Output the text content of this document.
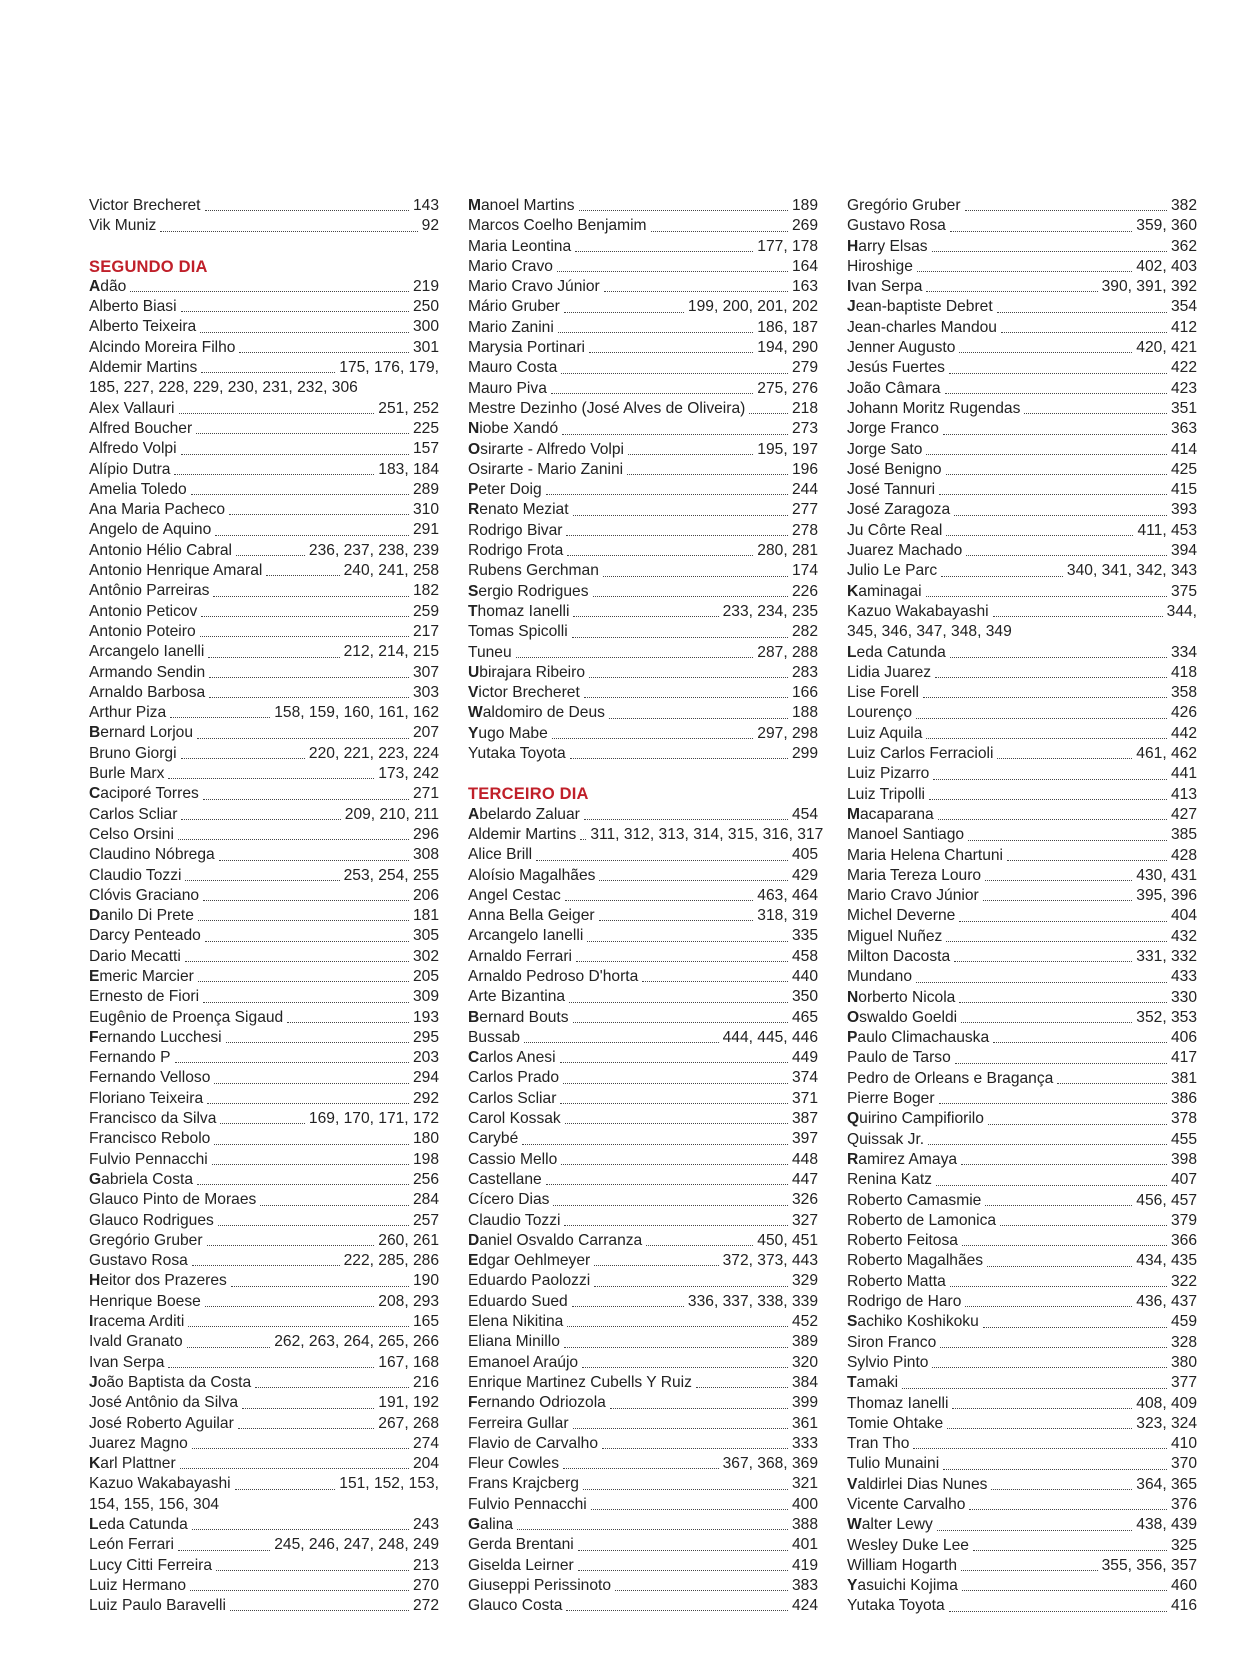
Victor Brecheret	143
Vik Muniz	92
SEGUNDO DIA
Adão	219
Alberto Biasi	250
Alberto Teixeira	300
Alcindo Moreira Filho	301
Aldemir Martins	175, 176, 179,
185, 227, 228, 229, 230, 231, 232, 306
Alex Vallauri	251, 252
Alfred Boucher	225
Alfredo Volpi	157
Alípio Dutra	183, 184
Amelia Toledo	289
Ana Maria Pacheco	310
Angelo de Aquino	291
Antonio Hélio Cabral	236, 237, 238, 239
Antonio Henrique Amaral	240, 241, 258
Antônio Parreiras	182
Antonio Peticov	259
Antonio Poteiro	217
Arcangelo Ianelli	212, 214, 215
Armando Sendin	307
Arnaldo Barbosa	303
Arthur Piza	158, 159, 160, 161, 162
Bernard Lorjou	207
Bruno Giorgi	220, 221, 223, 224
Burle Marx	173, 242
Caciporé Torres	271
Carlos Scliar	209, 210, 211
Celso Orsini	296
Claudino Nóbrega	308
Claudio Tozzi	253, 254, 255
Clóvis Graciano	206
Danilo Di Prete	181
Darcy Penteado	305
Dario Mecatti	302
Emeric Marcier	205
Ernesto de Fiori	309
Eugênio de Proença Sigaud	193
Fernando Lucchesi	295
Fernando P	203
Fernando Velloso	294
Floriano Teixeira	292
Francisco da Silva	169, 170, 171, 172
Francisco Rebolo	180
Fulvio Pennacchi	198
Gabriela Costa	256
Glauco Pinto de Moraes	284
Glauco Rodrigues	257
Gregório Gruber	260, 261
Gustavo Rosa	222, 285, 286
Heitor dos Prazeres	190
Henrique Boese	208, 293
Iracema Arditi	165
Ivald Granato	262, 263, 264, 265, 266
Ivan Serpa	167, 168
João Baptista da Costa	216
José Antônio da Silva	191, 192
José Roberto Aguilar	267, 268
Juarez Magno	274
Karl Plattner	204
Kazuo Wakabayashi	151, 152, 153,
154, 155, 156, 304
Leda Catunda	243
León Ferrari	245, 246, 247, 248, 249
Lucy Citti Ferreira	213
Luiz Hermano	270
Luiz Paulo Baravelli	272
Manoel Martins	189
Marcos Coelho Benjamim	269
Maria Leontina	177, 178
Mario Cravo	164
Mario Cravo Júnior	163
Mário Gruber	199, 200, 201, 202
Mario Zanini	186, 187
Marysia Portinari	194, 290
Mauro Costa	279
Mauro Piva	275, 276
Mestre Dezinho (José Alves de Oliveira)	218
Niobe Xandó	273
Osirarte - Alfredo Volpi	195, 197
Osirarte - Mario Zanini	196
Peter Doig	244
Renato Meziat	277
Rodrigo Bivar	278
Rodrigo Frota	280, 281
Rubens Gerchman	174
Sergio Rodrigues	226
Thomaz Ianelli	233, 234, 235
Tomas Spicolli	282
Tuneu	287, 288
Ubirajara Ribeiro	283
Victor Brecheret	166
Waldomiro de Deus	188
Yugo Mabe	297, 298
Yutaka Toyota	299
TERCEIRO DIA
Abelardo Zaluar	454
Aldemir Martins 311, 312, 313, 314, 315, 316, 317
Alice Brill	405
Aloísio Magalhães	429
Angel Cestac	463, 464
Anna Bella Geiger	318, 319
Arcangelo Ianelli	335
Arnaldo Ferrari	458
Arnaldo Pedroso D'horta	440
Arte Bizantina	350
Bernard Bouts	465
Bussab	444, 445, 446
Carlos Anesi	449
Carlos Prado	374
Carlos Scliar	371
Carol Kossak	387
Carybé	397
Cassio Mello	448
Castellane	447
Cícero Dias	326
Claudio Tozzi	327
Daniel Osvaldo Carranza	450, 451
Edgar Oehlmeyer	372, 373, 443
Eduardo Paolozzi	329
Eduardo Sued	336, 337, 338, 339
Elena Nikitina	452
Eliana Minillo	389
Emanoel Araújo	320
Enrique Martinez Cubells Y Ruiz	384
Fernando Odriozola	399
Ferreira Gullar	361
Flavio de Carvalho	333
Fleur Cowles	367, 368, 369
Frans Krajcberg	321
Fulvio Pennacchi	400
Galina	388
Gerda Brentani	401
Giselda Leirner	419
Giuseppi Perissinoto	383
Glauco Costa	424
Gregório Gruber	382
Gustavo Rosa	359, 360
Harry Elsas	362
Hiroshige	402, 403
Ivan Serpa	390, 391, 392
Jean-baptiste Debret	354
Jean-charles Mandou	412
Jenner Augusto	420, 421
Jesús Fuertes	422
João Câmara	423
Johann Moritz Rugendas	351
Jorge Franco	363
Jorge Sato	414
José Benigno	425
José Tannuri	415
José Zaragoza	393
Ju Côrte Real	411, 453
Juarez Machado	394
Julio Le Parc	340, 341, 342, 343
Kaminagai	375
Kazuo Wakabayashi	344,
345, 346, 347, 348, 349
Leda Catunda	334
Lidia Juarez	418
Lise Forell	358
Lourenço	426
Luiz Aquila	442
Luiz Carlos Ferracioli	461, 462
Luiz Pizarro	441
Luiz Tripolli	413
Macaparana	427
Manoel Santiago	385
Maria Helena Chartuni	428
Maria Tereza Louro	430, 431
Mario Cravo Júnior	395, 396
Michel Deverne	404
Miguel Nuñez	432
Milton Dacosta	331, 332
Mundano	433
Norberto Nicola	330
Oswaldo Goeldi	352, 353
Paulo Climachauska	406
Paulo de Tarso	417
Pedro de Orleans e Bragança	381
Pierre Boger	386
Quirino Campifiorilo	378
Quissak Jr.	455
Ramirez Amaya	398
Renina Katz	407
Roberto Camasmie	456, 457
Roberto de Lamonica	379
Roberto Feitosa	366
Roberto Magalhães	434, 435
Roberto Matta	322
Rodrigo de Haro	436, 437
Sachiko Koshikoku	459
Siron Franco	328
Sylvio Pinto	380
Tamaki	377
Thomaz Ianelli	408, 409
Tomie Ohtake	323, 324
Tran Tho	410
Tulio Munaini	370
Valdirlei Dias Nunes	364, 365
Vicente Carvalho	376
Walter Lewy	438, 439
Wesley Duke Lee	325
William Hogarth	355, 356, 357
Yasuichi Kojima	460
Yutaka Toyota	416
